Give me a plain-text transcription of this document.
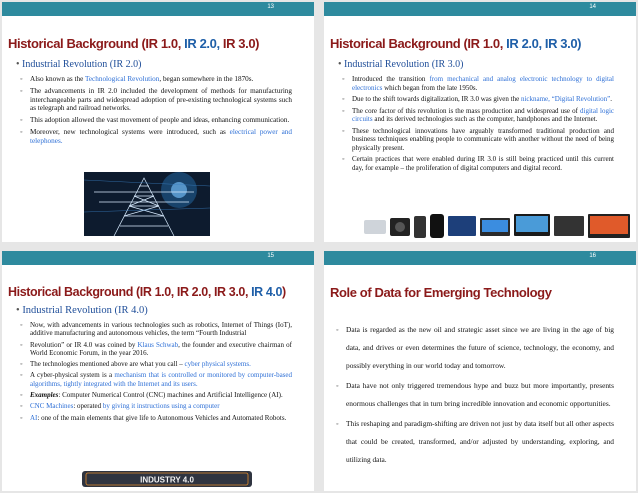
13
Historical Background (IR 1.0, IR 2.0, IR 3.0)
• Industrial Revolution (IR 2.0)
◦ Also known as the Technological Revolution, began somewhere in the 1870s.
◦ The advancements in IR 2.0 included the development of methods for manufacturing interchangeable parts and widespread adoption of pre-existing technological systems such as telegraph and railroad networks.
◦ This adoption allowed the vast movement of people and ideas, enhancing communication.
◦ Moreover, new technological systems were introduced, such as electrical power and telephones.
14
Historical Background (IR 1.0, IR 2.0, IR 3.0)
• Industrial Revolution (IR 3.0)
◦ Introduced the transition from mechanical and analog electronic technology to digital electronics which began from the late 1950s.
◦ Due to the shift towards digitalization, IR 3.0 was given the nickname, “Digital Revolution”.
◦ The core factor of this revolution is the mass production and widespread use of digital logic circuits and its derived technologies such as the computer, handphones and the Internet.
◦ These technological innovations have arguably transformed traditional production and business techniques enabling people to communicate with another without the need of being physically present.
◦ Certain practices that were enabled during IR 3.0 is still being practiced until this current day, for example – the proliferation of digital computers and digital record.
15
Historical Background (IR 1.0, IR 2.0, IR 3.0, IR 4.0)
• Industrial Revolution (IR 4.0)
◦ Now, with advancements in various technologies such as robotics, Internet of Things (IoT), additive manufacturing and autonomous vehicles, the term “Fourth Industrial
◦ Revolution” or IR 4.0 was coined by Klaus Schwab, the founder and executive chairman of World Economic Forum, in the year 2016.
◦ The technologies mentioned above are what you call – cyber physical systems.
◦ A cyber-physical system is a mechanism that is controlled or monitored by computer-based algorithms, tightly integrated with the Internet and its users.
◦ Examples: Computer Numerical Control (CNC) machines and Artificial Intelligence (AI).
◦ CNC Machines: operated by giving it instructions using a computer
◦ AI: one of the main elements that give life to Autonomous Vehicles and Automated Robots.
INDUSTRY 4.0
16
Role of Data for Emerging Technology
◦ Data is regarded as the new oil and strategic asset since we are living in the age of big data, and drives or even determines the future of science, technology, the economy, and possibly everything in our world today and tomorrow.
◦ Data have not only triggered tremendous hype and buzz but more importantly, presents enormous challenges that in turn bring incredible innovation and economic opportunities.
◦ This reshaping and paradigm-shifting are driven not just by data itself but all other aspects that could be created, transformed, and/or adjusted by understanding, exploring, and utilizing data.
